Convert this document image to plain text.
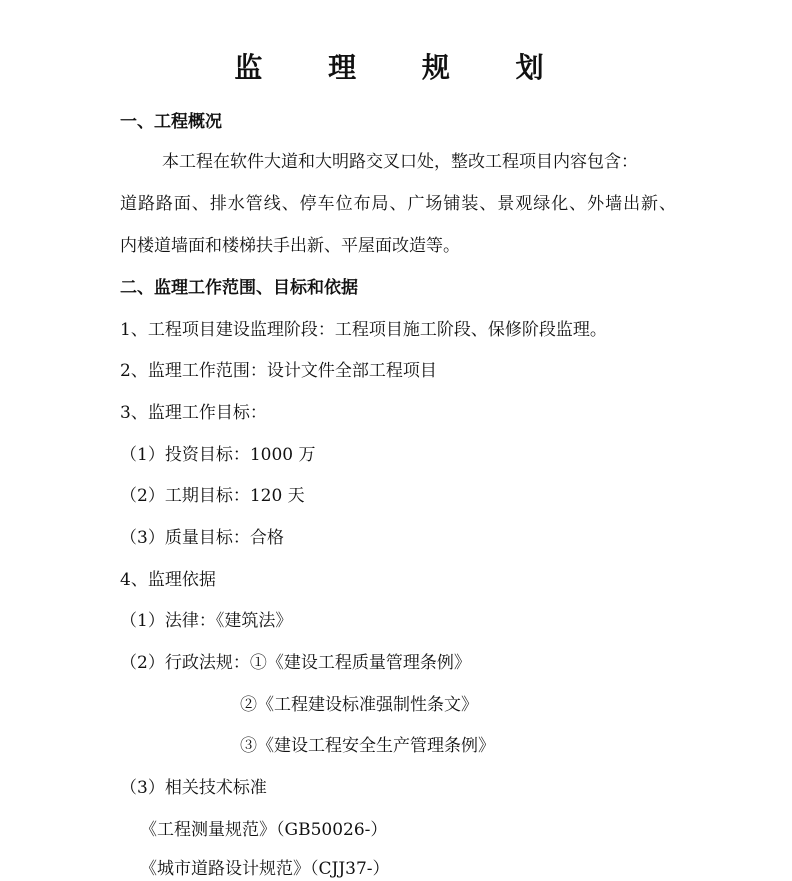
监 理 规 划
一、工程概况
本工程在软件大道和大明路交叉口处，整改工程项目内容包含：
道路路面、排水管线、停车位布局、广场铺装、景观绿化、外墙出新、
内楼道墙面和楼梯扶手出新、平屋面改造等。
二、监理工作范围、目标和依据
1、工程项目建设监理阶段：工程项目施工阶段、保修阶段监理。
2、监理工作范围：设计文件全部工程项目
3、监理工作目标：
（1）投资目标：1000 万
（2）工期目标：120 天
（3）质量目标：合格
4、监理依据
（1）法律：《建筑法》
（2）行政法规：①《建设工程质量管理条例》
②《工程建设标准强制性条文》
③《建设工程安全生产管理条例》
（3）相关技术标准
《工程测量规范》（GB50026-）
《城市道路设计规范》（CJJ37-）
